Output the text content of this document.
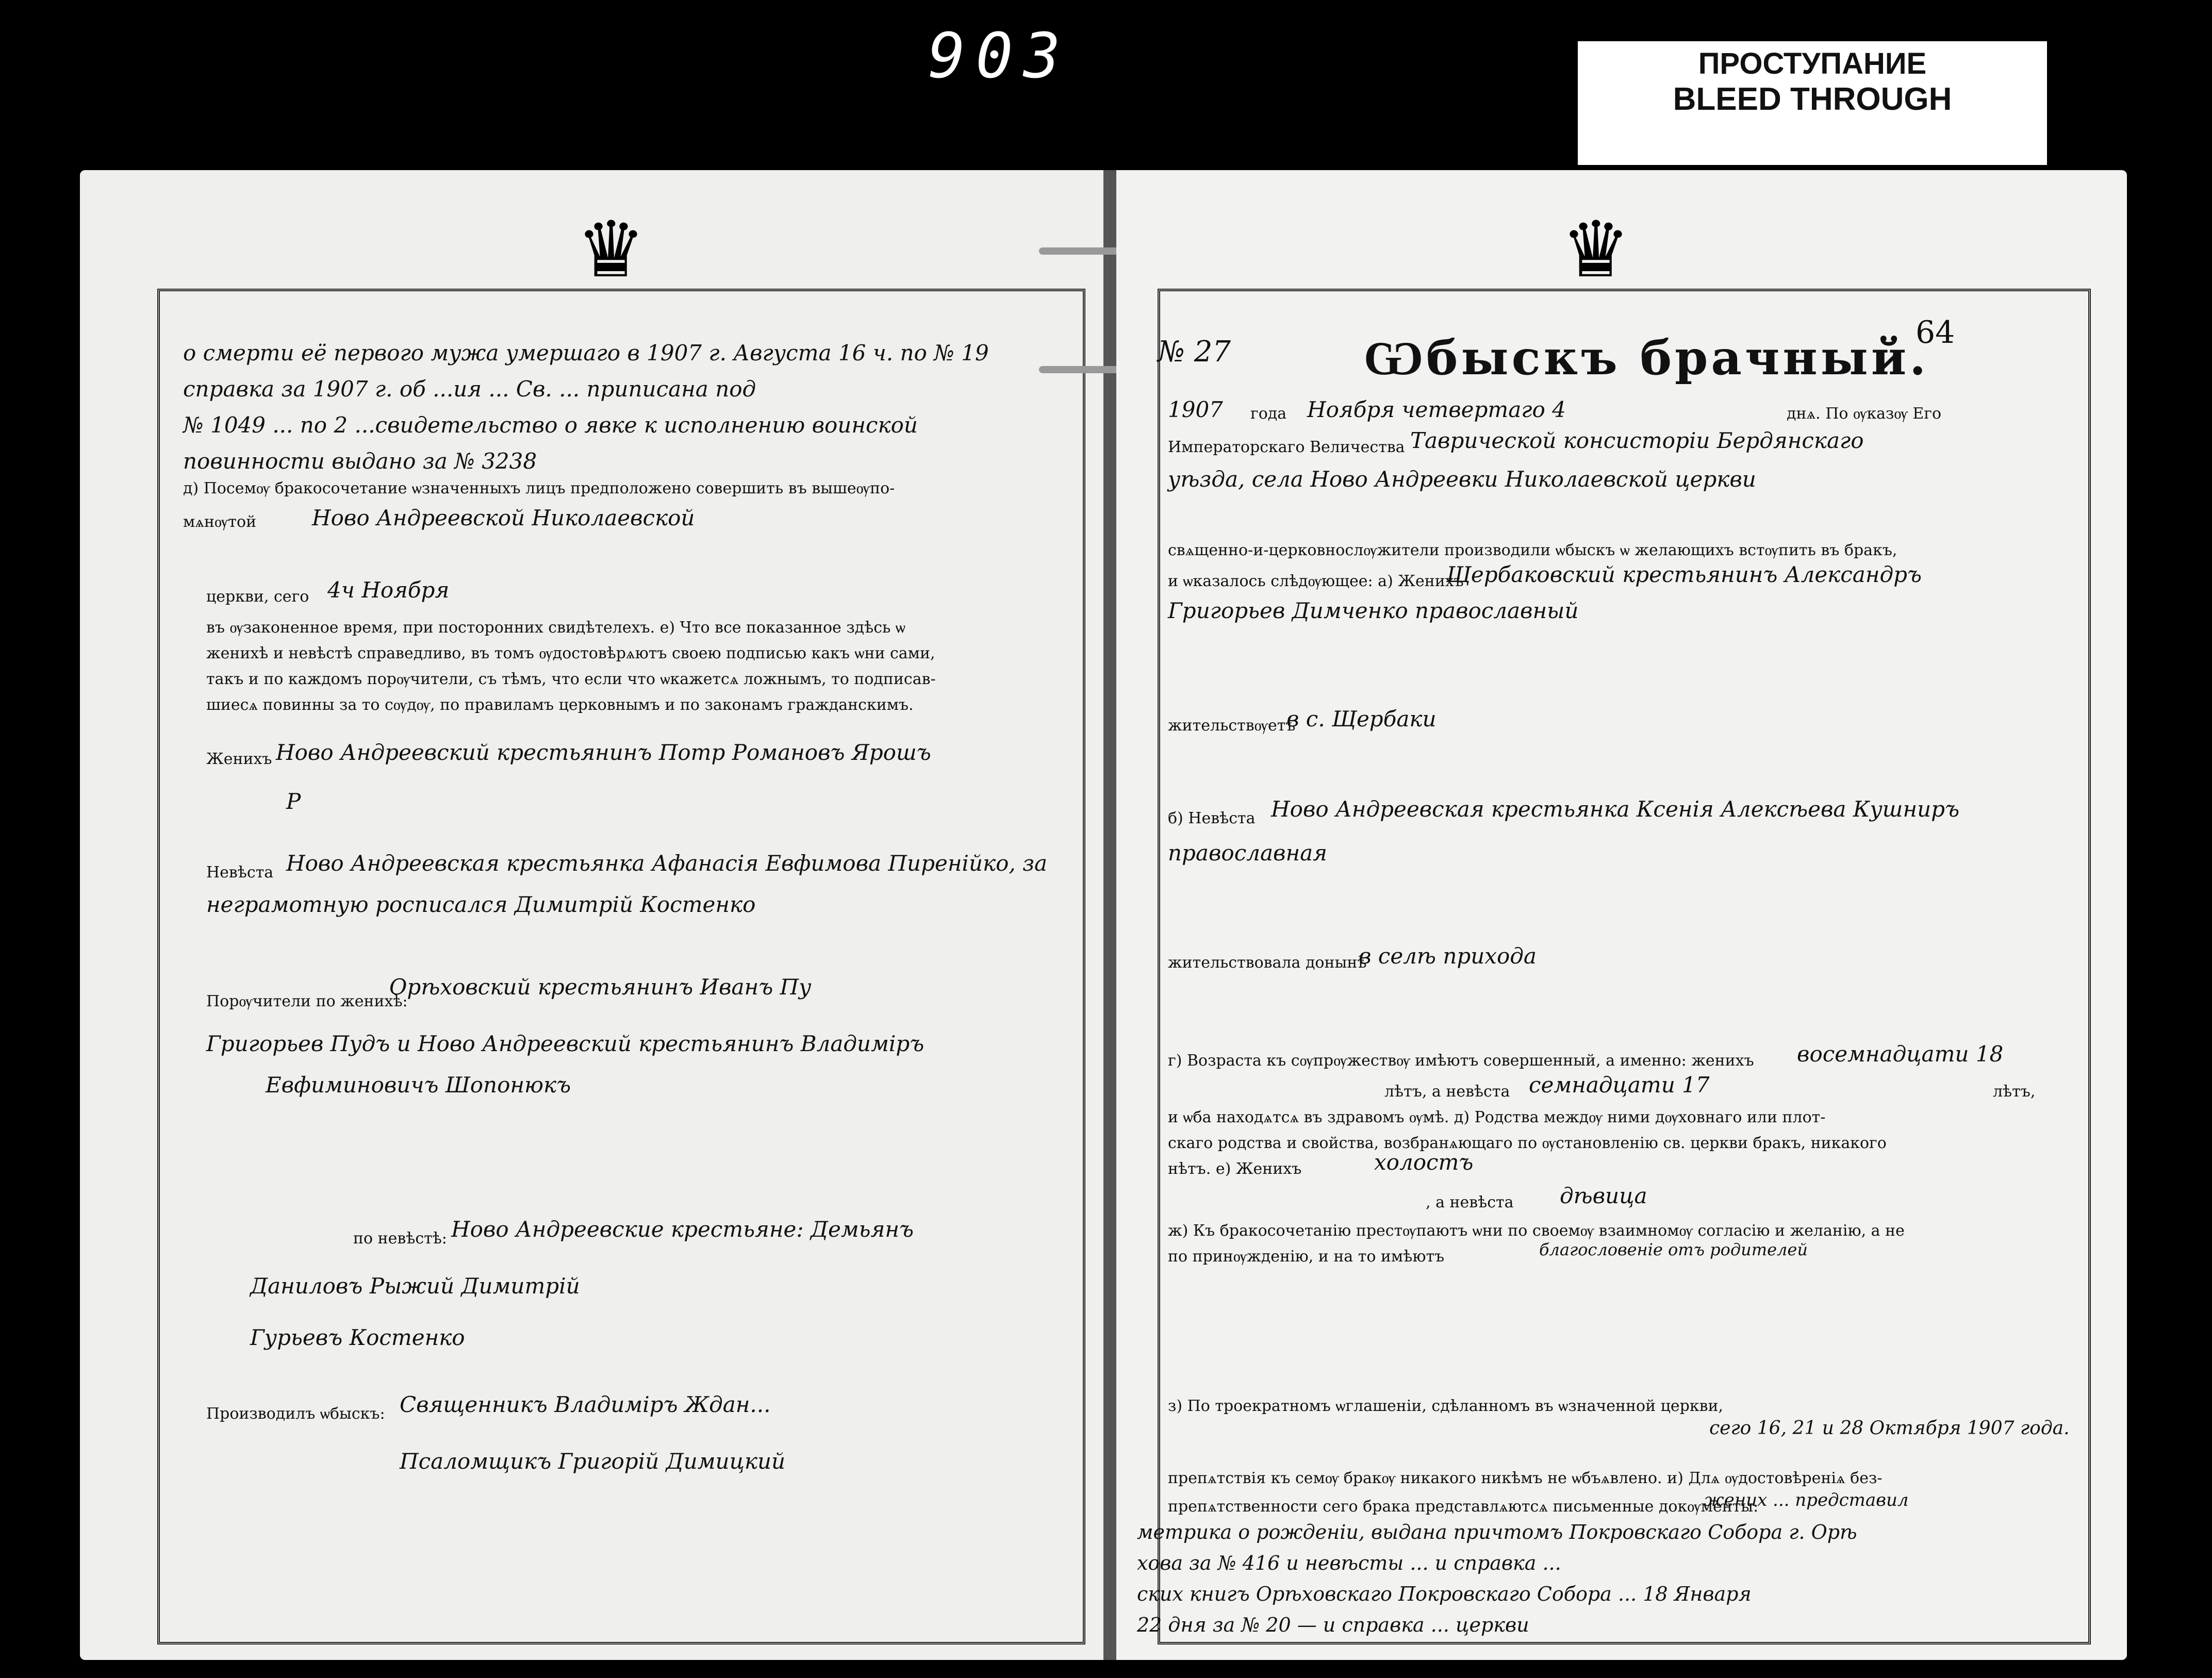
903	ПРОСТУПАНИЕ
BLEED THROUGH
♛
о смерти её первого мужа умершаго в 1907 г. Августа 16 ч. по № 19
справка за 1907 г. об ...ия ... Св. ... приписана под
№ 1049 ... по 2 ...свидетельство о явке к исполнению воинской
повинности выдано за № 3238
д) Посемѹ бракосочетание ѡзначенныхъ лицъ предположено совершить въ вышеѹпо-
мѧнѹтой	Ново Андреевской Николаевской
церкви, сего 4ч Ноября
въ ѹзаконенное время, при посторонних свидѣтелехъ. е) Что все показанное здѣсь ѡ
женихѣ и невѣстѣ справедливо, въ томъ ѹдостовѣрѧютъ своею подписью какъ ѡни сами,
такъ и по каждомъ порѹчители, съ тѣмъ, что если что ѡкажетсѧ ложнымъ, то подписав-
шиесѧ повинны за то сѹдѹ, по правиламъ церковнымъ и по законамъ гражданскимъ.
Женихъ Ново Андреевский крестьянинъ Потр Романовъ Ярошъ
Р
Невѣста Ново Андреевская крестьянка Афанасiя Евфимова Пиренiйко, за
неграмотную росписался Димитрiй Костенко
Порѹчители по женихѣ:
Орѣховский крестьянинъ Иванъ Пу
Григорьев Пудъ и Ново Андреевский крестьянинъ Владимiръ
Евфиминовичъ Шопонюкъ
по невѣстѣ: Ново Андреевские крестьяне: Демьянъ
Даниловъ Рыжий Димитрiй
Гурьевъ Костенко
Производилъ ѡбыскъ: Священникъ Владимiръ Ждан...
Псаломщикъ Григорiй Димицкий
♛
64
№ 27	Ѡбыскъ брачный.
1907 года Ноября четвертаго 4	днѧ. По ѹказѹ Его
Императорскаго Величества Таврической консисторiи Бердянскаго
уѣзда, села Ново Андреевки Николаевской церкви
свѧщенно-и-церковнослѹжители производили ѡбыскъ ѡ желающихъ встѹпить въ бракъ,
и ѡказалось слѣдѹющее: а) Женихъ
Щербаковский крестьянинъ Александръ
Григорьев Димченко православный
жительствѹетъ
в с. Щербаки
б) Невѣста Ново Андреевская крестьянка Ксенiя Алексѣева Кушниръ
православная
жительствовала донынѣ
в селѣ прихода
г) Возраста къ сѹпрѹжествѹ имѣютъ совершенный, а именно: женихъ восемнадцати 18
лѣтъ, а невѣста семнадцати 17	лѣтъ,
и ѡба находѧтсѧ въ здравомъ ѹмѣ. д) Родства междѹ ними дѹховнаго или плот-
скаго родства и свойства, возбранѧющаго по ѹстановленiю св. церкви бракъ, никакого
нѣтъ. е) Женихъ	холостъ
, а невѣста дѣвица
ж) Къ бракосочетанiю престѹпаютъ ѡни по своемѹ взаимномѹ согласiю и желанiю, а не
по принѹжденiю, и на то имѣютъ	благословенiе отъ родителей
з) По троекратномъ ѡглашенiи, сдѣланномъ въ ѡзначенной церкви,
сего 16, 21 и 28 Октября 1907 года.
препѧтствiя къ семѹ бракѹ никакого никѣмъ не ѡбъѧвлено. и) Длѧ ѹдостовѣренiѧ без-
препѧтственности сего брака представлѧютсѧ письменные докѹменты:
жених ... представил
метрика о рожденiи, выдана причтомъ Покровскаго Собора г. Орѣ
хова за № 416 и невѣсты ... и справка ...
ских книгъ Орѣховскаго Покровскаго Собора ... 18 Января
22 дня за № 20 — и справка ... церкви
